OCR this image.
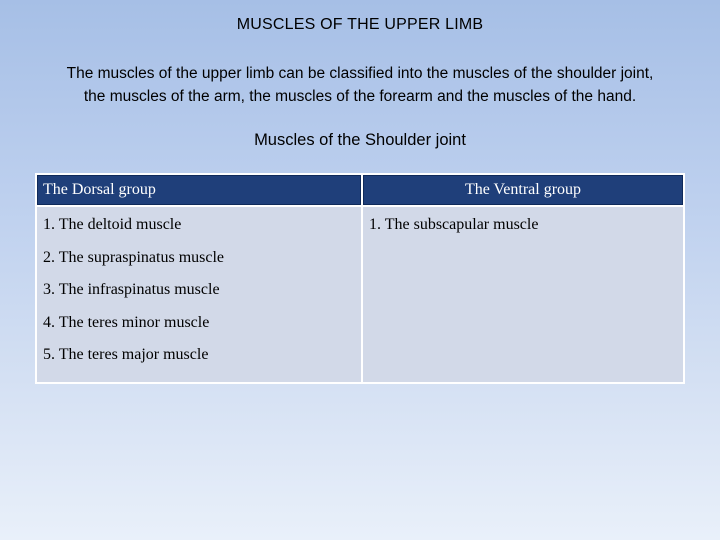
MUSCLES OF THE UPPER LIMB
The muscles of the upper limb can be classified into the muscles of the shoulder joint,
the muscles of the arm, the muscles of the forearm and the muscles of the hand.
Muscles of the Shoulder joint
The Dorsal group	The Ventral group

1. The deltoid muscle
2. The supraspinatus muscle
3. The infraspinatus muscle
4. The teres minor muscle
5. The teres major muscle	1. The subscapular muscle
